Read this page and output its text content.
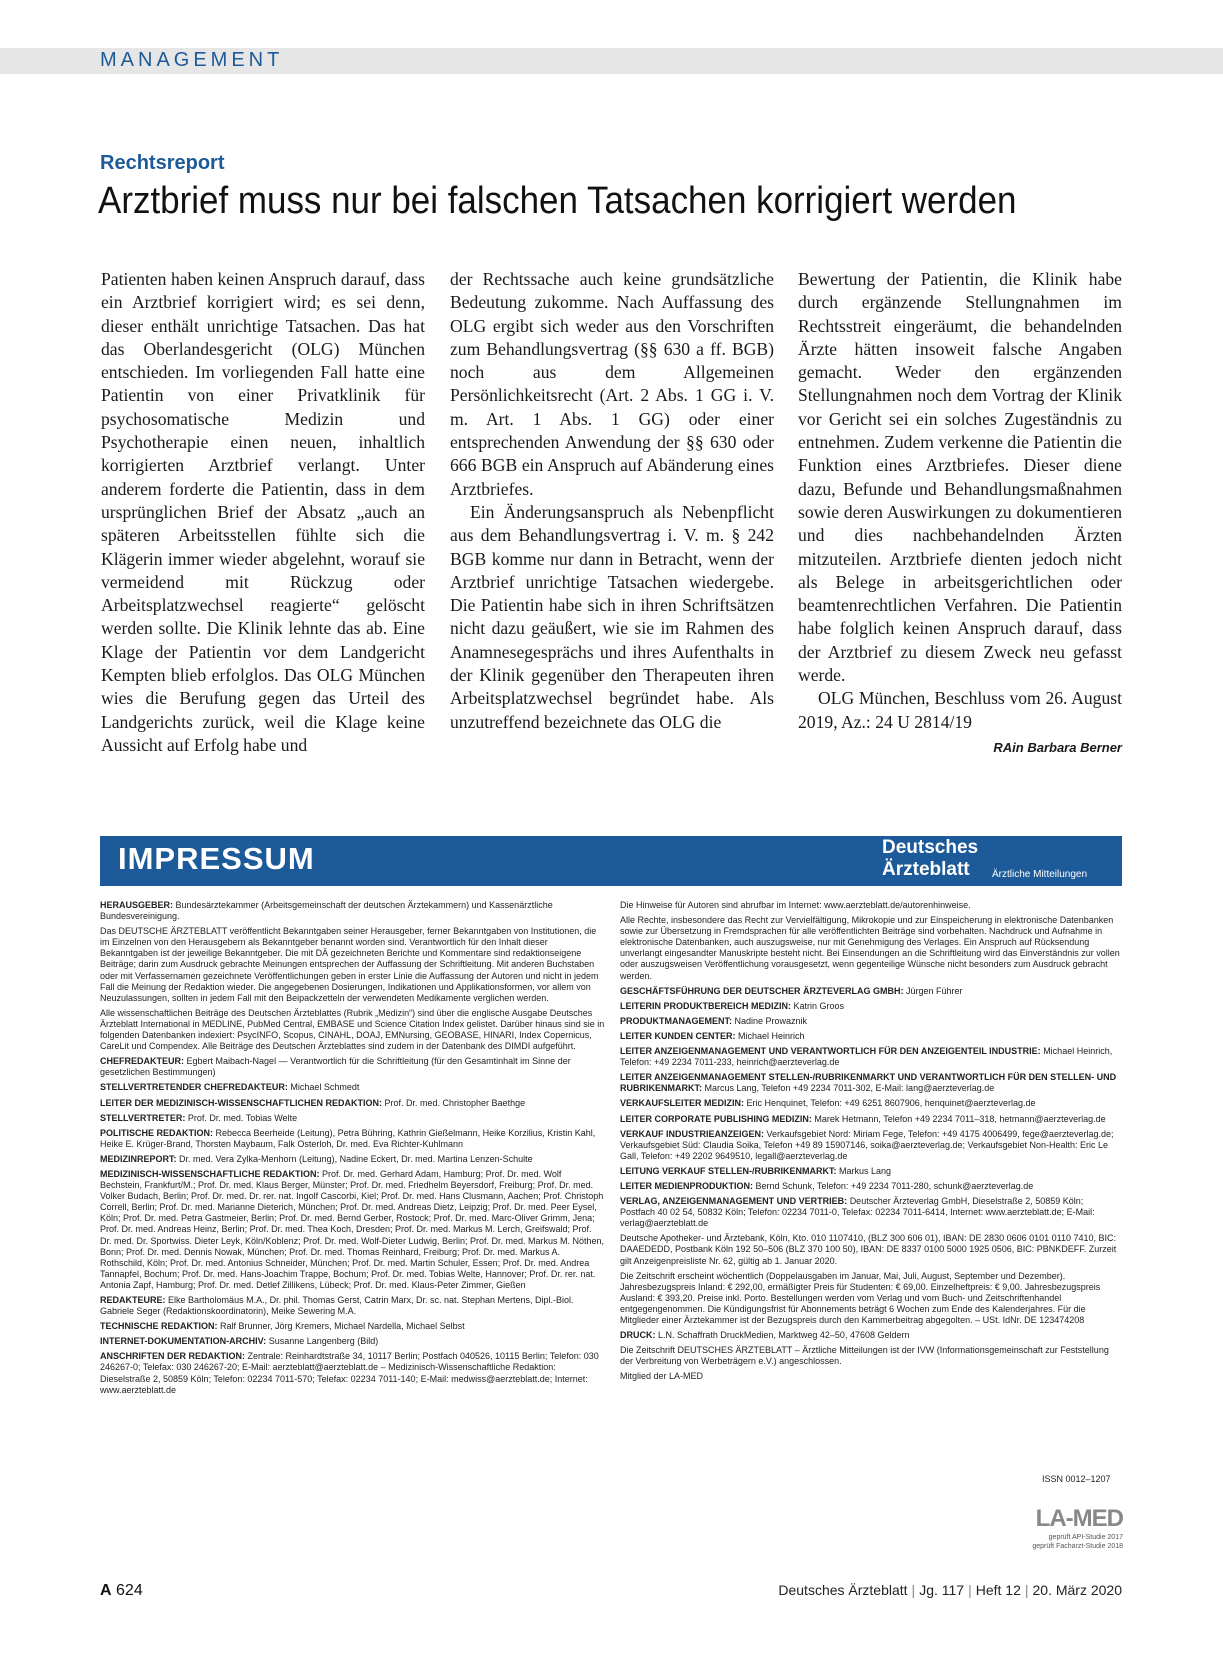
MANAGEMENT
Rechtsreport
Arztbrief muss nur bei falschen Tatsachen korrigiert werden

Patienten haben keinen Anspruch darauf, dass ein Arztbrief korrigiert wird; es sei denn, dieser enthält unrichtige Tatsachen. Das hat das Oberlandesgericht (OLG) München entschieden. Im vorliegenden Fall hatte eine Patientin von einer Privatklinik für psychosomatische Medizin und Psychotherapie einen neuen, inhaltlich korrigierten Arztbrief verlangt. Unter anderem forderte die Patientin, dass in dem ursprünglichen Brief der Absatz „auch an späteren Arbeitsstellen fühlte sich die Klägerin immer wieder abgelehnt, worauf sie vermeidend mit Rückzug oder Arbeitsplatzwechsel reagierte“ gelöscht werden sollte. Die Klinik lehnte das ab. Eine Klage der Patientin vor dem Landgericht Kempten blieb erfolglos. Das OLG München wies die Berufung gegen das Urteil des Landgerichts zurück, weil die Klage keine Aussicht auf Erfolg habe und

der Rechtssache auch keine grundsätzliche Bedeutung zukomme. Nach Auffassung des OLG ergibt sich weder aus den Vorschriften zum Behandlungsvertrag (§§ 630 a ff. BGB) noch aus dem Allgemeinen Persönlichkeitsrecht (Art. 2 Abs. 1 GG i. V. m. Art. 1 Abs. 1 GG) oder einer entsprechenden Anwendung der §§ 630 oder 666 BGB ein Anspruch auf Abänderung eines Arztbriefes.

Ein Änderungsanspruch als Nebenpflicht aus dem Behandlungsvertrag i. V. m. § 242 BGB komme nur dann in Betracht, wenn der Arztbrief unrichtige Tatsachen wiedergebe. Die Patientin habe sich in ihren Schriftsätzen nicht dazu geäußert, wie sie im Rahmen des Anamnesegesprächs und ihres Aufenthalts in der Klinik gegenüber den Therapeuten ihren Arbeitsplatzwechsel begründet habe. Als unzutreffend bezeichnete das OLG die

Bewertung der Patientin, die Klinik habe durch ergänzende Stellungnahmen im Rechtsstreit eingeräumt, die behandelnden Ärzte hätten insoweit falsche Angaben gemacht. Weder den ergänzenden Stellungnahmen noch dem Vortrag der Klinik vor Gericht sei ein solches Zugeständnis zu entnehmen. Zudem verkenne die Patientin die Funktion eines Arztbriefes. Dieser diene dazu, Befunde und Behandlungsmaßnahmen sowie deren Auswirkungen zu dokumentieren und dies nachbehandelnden Ärzten mitzuteilen. Arztbriefe dienten jedoch nicht als Belege in arbeitsgerichtlichen oder beamtenrechtlichen Verfahren. Die Patientin habe folglich keinen Anspruch darauf, dass der Arztbrief zu diesem Zweck neu gefasst werde.

OLG München, Beschluss vom 26. August 2019, Az.: 24 U 2814/19

RAin Barbara Berner
IMPRESSUM	Deutsches
Ärzteblatt Ärztliche Mitteilungen

HERAUSGEBER: Bundesärztekammer (Arbeitsgemeinschaft der deutschen Ärztekammern) und Kassenärztliche Bundesvereinigung.

Das DEUTSCHE ÄRZTEBLATT veröffentlicht Bekanntgaben seiner Herausgeber, ferner Bekanntgaben von Institutionen, die im Einzelnen von den Herausgebern als Bekanntgeber benannt worden sind. Verantwortlich für den Inhalt dieser Bekanntgaben ist der jeweilige Bekanntgeber. Die mit DÄ gezeichneten Berichte und Kommentare sind redaktionseigene Beiträge; darin zum Ausdruck gebrachte Meinungen entsprechen der Auffassung der Schriftleitung. Mit anderen Buchstaben oder mit Verfassernamen gezeichnete Veröffentlichungen geben in erster Linie die Auffassung der Autoren und nicht in jedem Fall die Meinung der Redaktion wieder. Die angegebenen Dosierungen, Indikationen und Applikationsformen, vor allem von Neuzulassungen, sollten in jedem Fall mit den Beipackzetteln der verwendeten Medikamente verglichen werden.

Alle wissenschaftlichen Beiträge des Deutschen Ärzteblattes (Rubrik „Medizin“) sind über die englische Ausgabe Deutsches Ärzteblatt International in MEDLINE, PubMed Central, EMBASE und Science Citation Index gelistet. Darüber hinaus sind sie in folgenden Datenbanken indexiert: PsycINFO, Scopus, CINAHL, DOAJ, EMNursing, GEOBASE, HINARI, Index Copernicus, CareLit und Compendex. Alle Beiträge des Deutschen Ärzteblattes sind zudem in der Datenbank des DIMDI aufgeführt.

CHEFREDAKTEUR: Egbert Maibach-Nagel — Verantwortlich für die Schriftleitung (für den Gesamtinhalt im Sinne der gesetzlichen Bestimmungen)

STELLVERTRETENDER CHEFREDAKTEUR: Michael Schmedt

LEITER DER MEDIZINISCH-WISSENSCHAFTLICHEN REDAKTION: Prof. Dr. med. Christopher Baethge

STELLVERTRETER: Prof. Dr. med. Tobias Welte

POLITISCHE REDAKTION: Rebecca Beerheide (Leitung), Petra Bühring, Kathrin Gießelmann, Heike Korzilius, Kristin Kahl, Heike E. Krüger-Brand, Thorsten Maybaum, Falk Osterloh, Dr. med. Eva Richter-Kuhlmann

MEDIZINREPORT: Dr. med. Vera Zylka-Menhorn (Leitung), Nadine Eckert, Dr. med. Martina Lenzen-Schulte

MEDIZINISCH-WISSENSCHAFTLICHE REDAKTION: Prof. Dr. med. Gerhard Adam, Hamburg; Prof. Dr. med. Wolf Bechstein, Frankfurt/M.; Prof. Dr. med. Klaus Berger, Münster; Prof. Dr. med. Friedhelm Beyersdorf, Freiburg; Prof. Dr. med. Volker Budach, Berlin; Prof. Dr. med. Dr. rer. nat. Ingolf Cascorbi, Kiel; Prof. Dr. med. Hans Clusmann, Aachen; Prof. Christoph Correll, Berlin; Prof. Dr. med. Marianne Dieterich, München; Prof. Dr. med. Andreas Dietz, Leipzig; Prof. Dr. med. Peer Eysel, Köln; Prof. Dr. med. Petra Gastmeier, Berlin; Prof. Dr. med. Bernd Gerber, Rostock; Prof. Dr. med. Marc-Oliver Grimm, Jena; Prof. Dr. med. Andreas Heinz, Berlin; Prof. Dr. med. Thea Koch, Dresden; Prof. Dr. med. Markus M. Lerch, Greifswald; Prof. Dr. med. Dr. Sportwiss. Dieter Leyk, Köln/Koblenz; Prof. Dr. med. Wolf-Dieter Ludwig, Berlin; Prof. Dr. med. Markus M. Nöthen, Bonn; Prof. Dr. med. Dennis Nowak, München; Prof. Dr. med. Thomas Reinhard, Freiburg; Prof. Dr. med. Markus A. Rothschild, Köln; Prof. Dr. med. Antonius Schneider, München; Prof. Dr. med. Martin Schuler, Essen; Prof. Dr. med. Andrea Tannapfel, Bochum; Prof. Dr. med. Hans-Joachim Trappe, Bochum; Prof. Dr. med. Tobias Welte, Hannover; Prof. Dr. rer. nat. Antonia Zapf, Hamburg; Prof. Dr. med. Detlef Zillikens, Lübeck; Prof. Dr. med. Klaus-Peter Zimmer, Gießen

REDAKTEURE: Elke Bartholomäus M.A., Dr. phil. Thomas Gerst, Catrin Marx, Dr. sc. nat. Stephan Mertens, Dipl.-Biol. Gabriele Seger (Redaktionskoordinatorin), Meike Sewering M.A.

TECHNISCHE REDAKTION: Ralf Brunner, Jörg Kremers, Michael Nardella, Michael Selbst

INTERNET-DOKUMENTATION-ARCHIV: Susanne Langenberg (Bild)

ANSCHRIFTEN DER REDAKTION: Zentrale: Reinhardtstraße 34, 10117 Berlin; Postfach 040526, 10115 Berlin; Telefon: 030 246267-0; Telefax: 030 246267-20; E-Mail: aerzteblatt@aerzteblatt.de – Medizinisch-Wissenschaftliche Redaktion: Dieselstraße 2, 50859 Köln; Telefon: 02234 7011-570; Telefax: 02234 7011-140; E-Mail: medwiss@aerzteblatt.de; Internet: www.aerzteblatt.de

Die Hinweise für Autoren sind abrufbar im Internet: www.aerzteblatt.de/autorenhinweise.

Alle Rechte, insbesondere das Recht zur Vervielfältigung, Mikrokopie und zur Einspeicherung in elektronische Datenbanken sowie zur Übersetzung in Fremdsprachen für alle veröffentlichten Beiträge sind vorbehalten. Nachdruck und Aufnahme in elektronische Datenbanken, auch auszugsweise, nur mit Genehmigung des Verlages. Ein Anspruch auf Rücksendung unverlangt eingesandter Manuskripte besteht nicht. Bei Einsendungen an die Schriftleitung wird das Einverständnis zur vollen oder auszugsweisen Veröffentlichung vorausgesetzt, wenn gegenteilige Wünsche nicht besonders zum Ausdruck gebracht werden.

GESCHÄFTSFÜHRUNG DER DEUTSCHER ÄRZTEVERLAG GMBH: Jürgen Führer

LEITERIN PRODUKTBEREICH MEDIZIN: Katrin Groos

PRODUKTMANAGEMENT: Nadine Prowaznik

LEITER KUNDEN CENTER: Michael Heinrich

LEITER ANZEIGENMANAGEMENT UND VERANTWORTLICH FÜR DEN ANZEIGENTEIL INDUSTRIE: Michael Heinrich, Telefon: +49 2234 7011-233, heinrich@aerzteverlag.de

LEITER ANZEIGENMANAGEMENT STELLEN-/RUBRIKENMARKT UND VERANTWORTLICH FÜR DEN STELLEN- UND RUBRIKENMARKT: Marcus Lang, Telefon +49 2234 7011-302, E-Mail: lang@aerzteverlag.de

VERKAUFSLEITER MEDIZIN: Eric Henquinet, Telefon: +49 6251 8607906, henquinet@aerzteverlag.de

LEITER CORPORATE PUBLISHING MEDIZIN: Marek Hetmann, Telefon +49 2234 7011–318, hetmann@aerzteverlag.de

VERKAUF INDUSTRIEANZEIGEN: Verkaufsgebiet Nord: Miriam Fege, Telefon: +49 4175 4006499, fege@aerzteverlag.de; Verkaufsgebiet Süd: Claudia Soika, Telefon +49 89 15907146, soika@aerzteverlag.de; Verkaufsgebiet Non-Health: Eric Le Gall, Telefon: +49 2202 9649510, legall@aerzteverlag.de

LEITUNG VERKAUF STELLEN-/RUBRIKENMARKT: Markus Lang

LEITER MEDIENPRODUKTION: Bernd Schunk, Telefon: +49 2234 7011-280, schunk@aerzteverlag.de

VERLAG, ANZEIGENMANAGEMENT UND VERTRIEB: Deutscher Ärzteverlag GmbH, Dieselstraße 2, 50859 Köln; Postfach 40 02 54, 50832 Köln; Telefon: 02234 7011-0, Telefax: 02234 7011-6414, Internet: www.aerzteblatt.de; E-Mail: verlag@aerzteblatt.de

Deutsche Apotheker- und Ärztebank, Köln, Kto. 010 1107410, (BLZ 300 606 01), IBAN: DE 2830 0606 0101 0110 7410, BIC: DAAEDEDD, Postbank Köln 192 50–506 (BLZ 370 100 50), IBAN: DE 8337 0100 5000 1925 0506, BIC: PBNKDEFF. Zurzeit gilt Anzeigenpreisliste Nr. 62, gültig ab 1. Januar 2020.

Die Zeitschrift erscheint wöchentlich (Doppelausgaben im Januar, Mai, Juli, August, September und Dezember). Jahresbezugspreis Inland: € 292,00, ermäßigter Preis für Studenten: € 69,00. Einzelheftpreis: € 9,00. Jahresbezugspreis Ausland: € 393,20. Preise inkl. Porto. Bestellungen werden vom Verlag und vom Buch- und Zeitschriftenhandel entgegengenommen. Die Kündigungsfrist für Abonnements beträgt 6 Wochen zum Ende des Kalenderjahres. Für die Mitglieder einer Ärztekammer ist der Bezugspreis durch den Kammerbeitrag abgegolten. – USt. IdNr. DE 123474208

DRUCK: L.N. Schaffrath DruckMedien, Marktweg 42–50, 47608 Geldern

Die Zeitschrift DEUTSCHES ÄRZTEBLATT – Ärztliche Mitteilungen ist der IVW (Informationsgemeinschaft zur Feststellung der Verbreitung von Werbeträgern e.V.) angeschlossen.

Mitglied der LA-MED

ISSN 0012–1207
LA-MED
geprüft API-Studie 2017
geprüft Facharzt-Studie 2018
A 624	Deutsches Ärzteblatt | Jg. 117 | Heft 12 | 20. März 2020
